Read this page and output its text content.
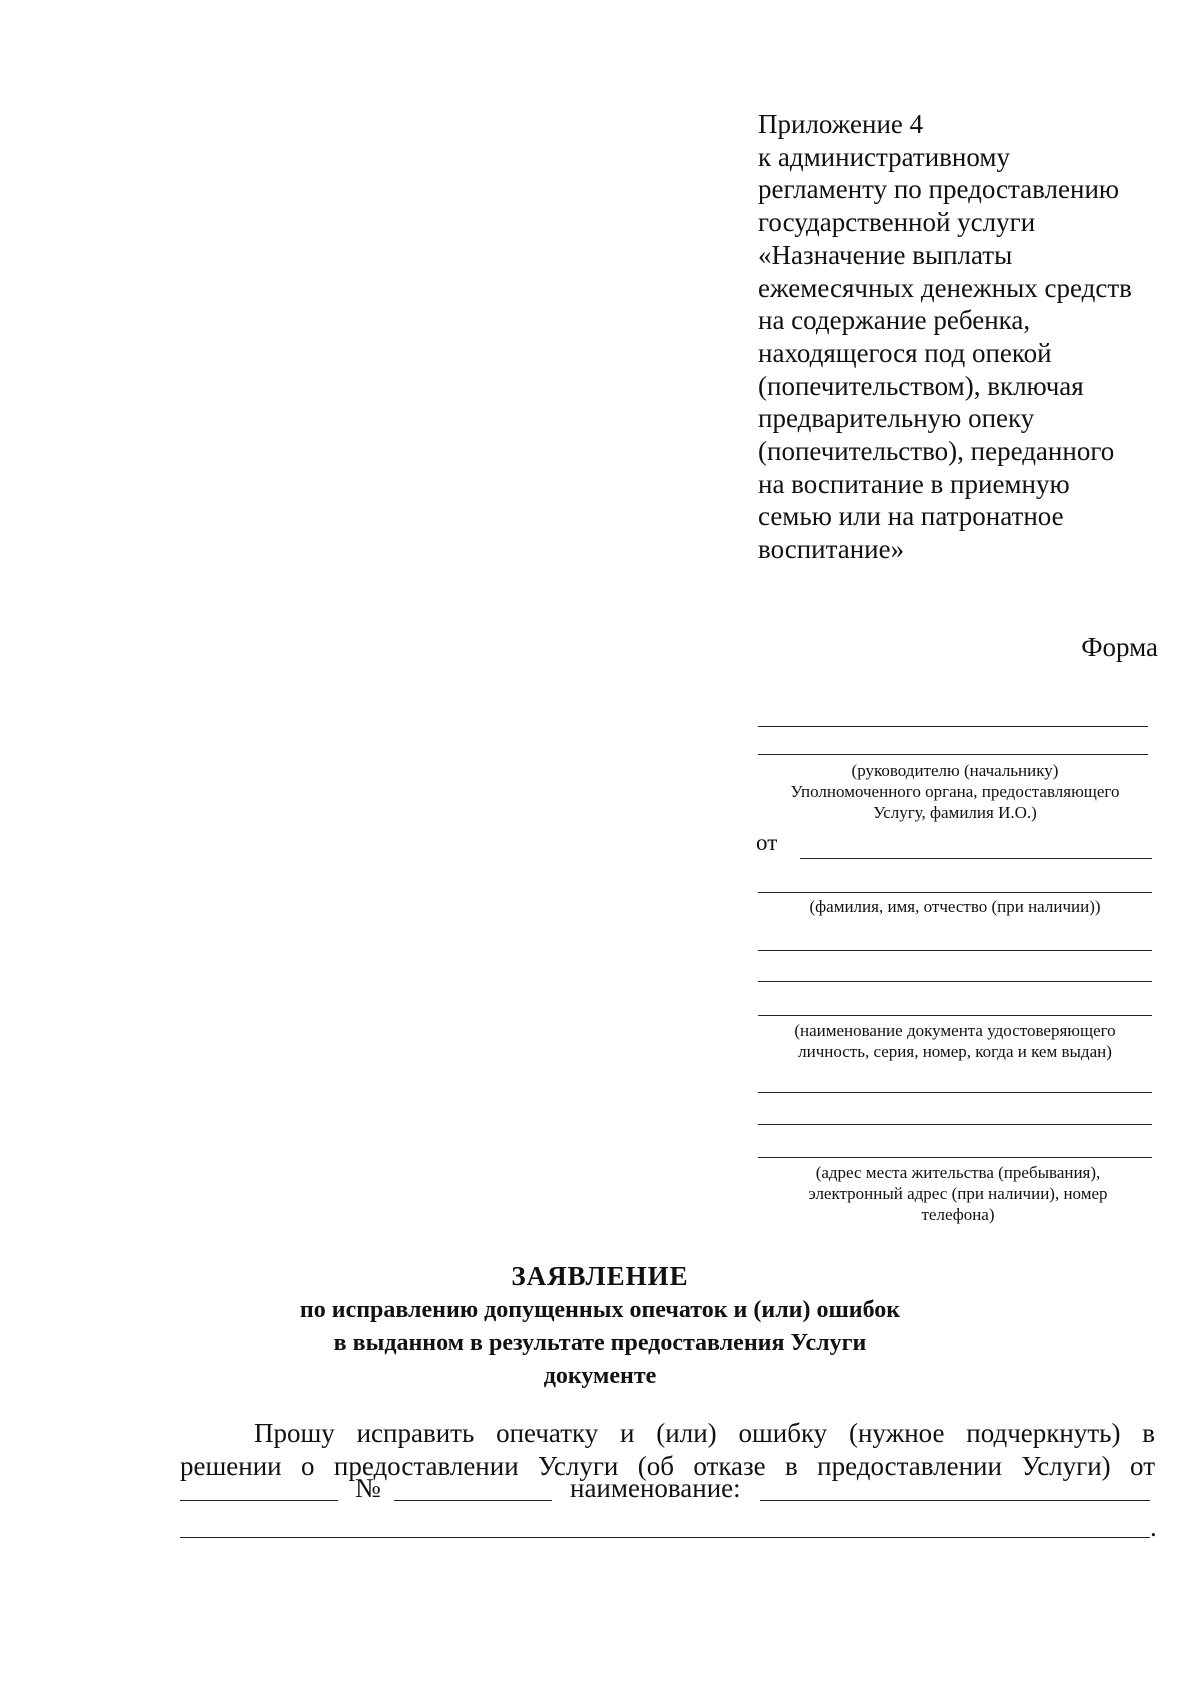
Приложение 4
к административному
регламенту по предоставлению
государственной услуги
«Назначение выплаты
ежемесячных денежных средств
на содержание ребенка,
находящегося под опекой
(попечительством), включая
предварительную опеку
(попечительство), переданного
на воспитание в приемную
семью или на патронатное
воспитание»
Форма
(руководителю (начальнику)
Уполномоченного органа, предоставляющего
Услугу, фамилия И.О.)
от
(фамилия, имя, отчество (при наличии))
(наименование документа удостоверяющего
личность, серия, номер, когда и кем выдан)
(адрес места жительства (пребывания),
электронный адрес (при наличии), номер
телефона)
ЗАЯВЛЕНИЕ
по исправлению допущенных опечаток и (или) ошибок
в выданном в результате предоставления Услуги
документе
Прошу исправить опечатку и (или) ошибку (нужное подчеркнуть) в
решении о предоставлении Услуги (об отказе в предоставлении Услуги) от
№	наименование:
.
